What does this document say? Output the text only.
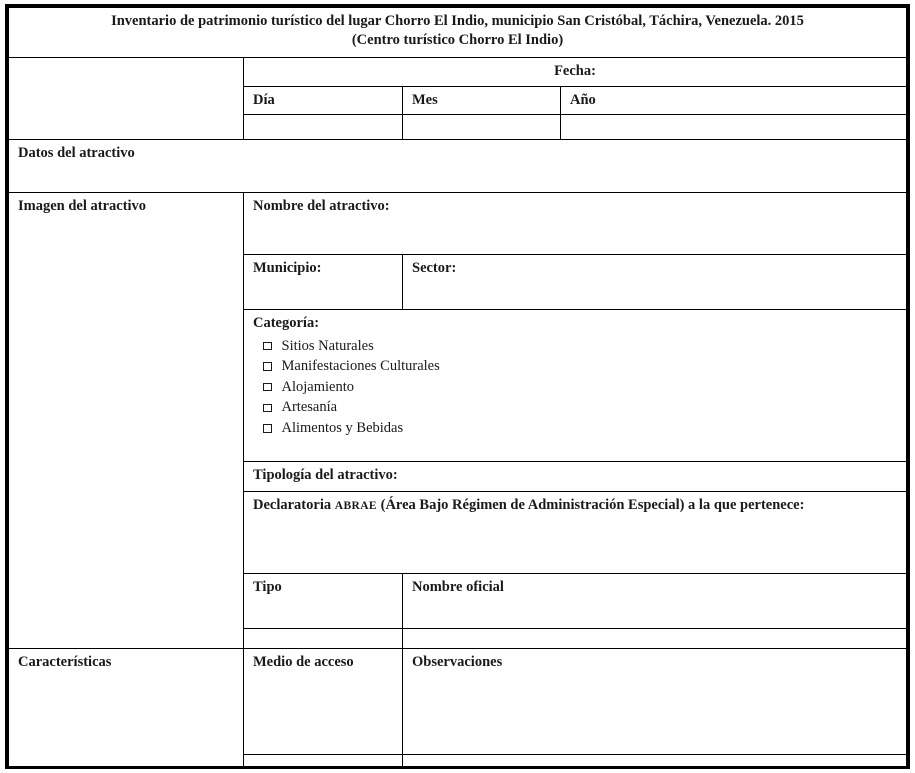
Inventario de patrimonio turístico del lugar Chorro El Indio, municipio San Cristóbal, Táchira, Venezuela. 2015
(Centro turístico Chorro El Indio)			

	Fecha:		
	Día	Mes	Año

Datos del atractivo			
Imagen del atractivo	Nombre del atractivo:		
	Municipio:	Sector:	

Categoría:
Sitios Naturales
Manifestaciones Culturales
Alojamiento
Artesanía
Alimentos y Bebidas

	Tipología del atractivo:		
	Declaratoria ABRAE (Área Bajo Régimen de Administración Especial) a la que pertenece:		
	Tipo	Nombre oficial	

Características	Medio de acceso	Observaciones	
